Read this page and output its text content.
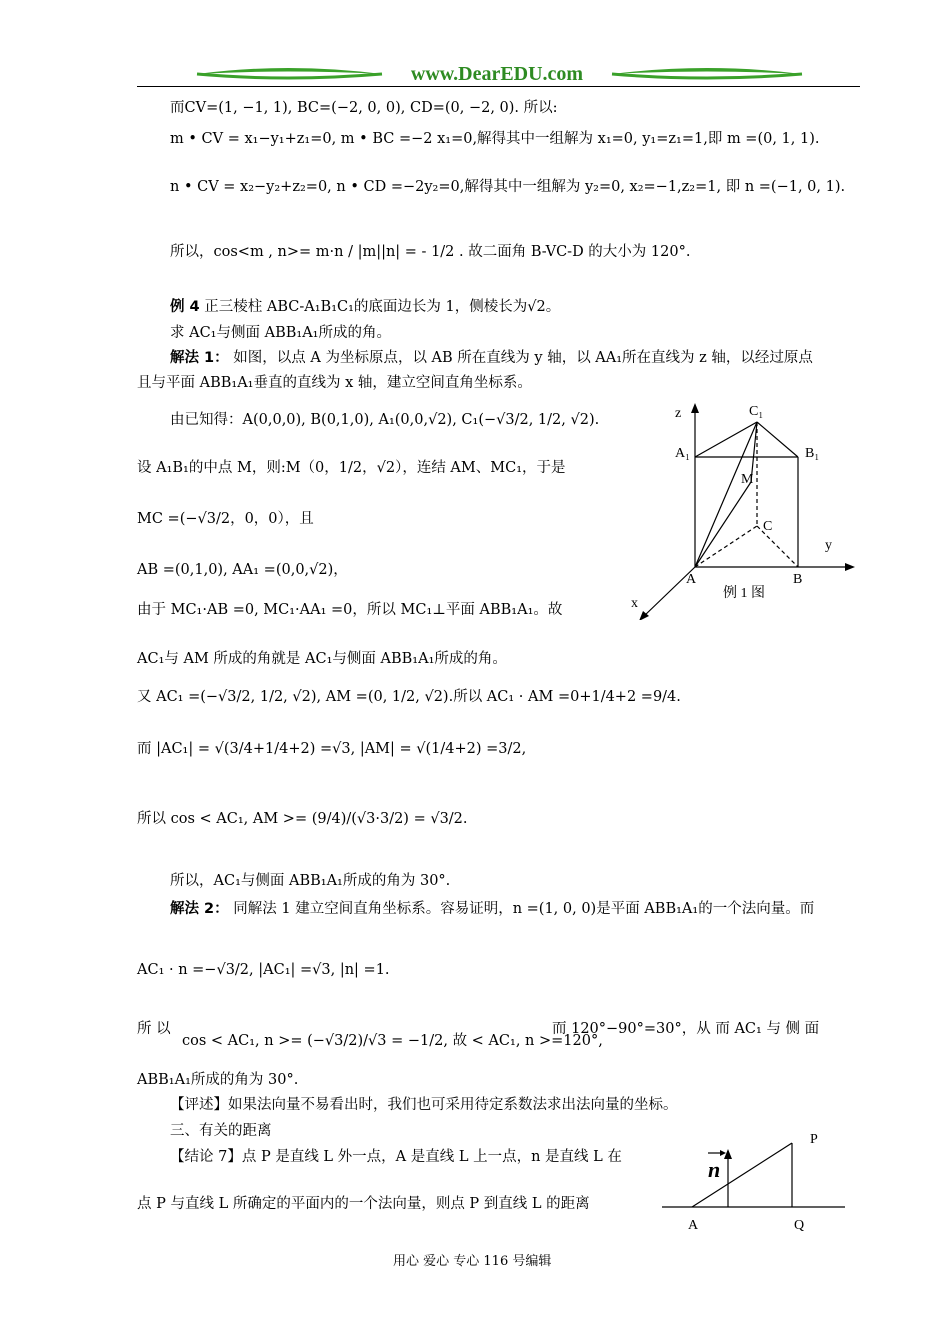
www.DearEDU.com
而CV=(1, −1, 1), BC=(−2, 0, 0), CD=(0, −2, 0). 所以:
m • CV = x₁−y₁+z₁=0, m • BC =−2 x₁=0,解得其中一组解为 x₁=0, y₁=z₁=1,即 m =(0, 1, 1).
n • CV = x₂−y₂+z₂=0, n • CD =−2y₂=0,解得其中一组解为 y₂=0, x₂=−1,z₂=1, 即 n =(−1, 0, 1).
所以，cos<m , n>= m·n / |m||n| = - 1/2 . 故二面角 B-VC-D 的大小为 120°.
例 4 正三棱柱 ABC-A₁B₁C₁的底面边长为 1，侧棱长为√2。
求 AC₁与侧面 ABB₁A₁所成的角。
解法 1： 如图，以点 A 为坐标原点，以 AB 所在直线为 y 轴，以 AA₁所在直线为 z 轴，以经过原点
且与平面 ABB₁A₁垂直的直线为 x 轴，建立空间直角坐标系。
由已知得：A(0,0,0), B(0,1,0), A₁(0,0,√2), C₁(−√3/2, 1/2, √2).
设 A₁B₁的中点 M，则:M（0，1/2，√2），连结 AM、MC₁，于是
MC =(−√3/2，0，0），且
AB =(0,1,0), AA₁ =(0,0,√2)，
由于 MC₁·AB =0, MC₁·AA₁ =0，所以 MC₁⊥平面 ABB₁A₁。故
AC₁与 AM 所成的角就是 AC₁与侧面 ABB₁A₁所成的角。
又 AC₁ =(−√3/2, 1/2, √2), AM =(0, 1/2, √2).所以 AC₁ · AM =0+1/4+2 =9/4.
而 |AC₁| = √(3/4+1/4+2) =√3, |AM| = √(1/4+2) =3/2,
所以 cos < AC₁, AM >= (9/4)/(√3·3/2) = √3/2.
所以，AC₁与侧面 ABB₁A₁所成的角为 30°.
解法 2： 同解法 1 建立空间直角坐标系。容易证明，n =(1, 0, 0)是平面 ABB₁A₁的一个法向量。而
AC₁ · n =−√3/2, |AC₁| =√3, |n| =1.
所 以
cos < AC₁, n >= (−√3/2)/√3 = −1/2, 故 < AC₁, n >=120°,
而 120°−90°=30°，从 而 AC₁ 与 侧 面
ABB₁A₁所成的角为 30°.
【评述】如果法向量不易看出时，我们也可采用待定系数法求出法向量的坐标。
三、有关的距离
【结论 7】点 P 是直线 L 外一点，A 是直线 L 上一点，n 是直线 L 在
点 P 与直线 L 所确定的平面内的一个法向量，则点 P 到直线 L 的距离
z
y
x
A	B
C
A₁	B₁
C₁
M
例 1 图
P
A	Q
n
用心 爱心 专心 116 号编辑
